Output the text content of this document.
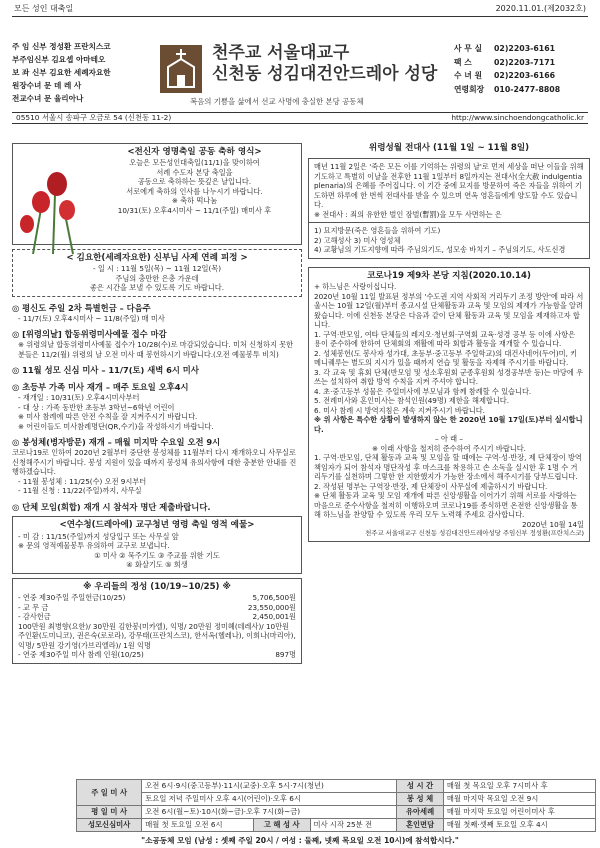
모든 성인 대축일	2020.11.01.(제2032호)
주 임 신부 정성환 프란치스코
부주임신부 김요셉 아마테오
보 좌 신부 김요한 세례자요한
원장수녀 문 데 레 사
전교수녀 문 율리아나
천주교 서울대교구
신천동 성김대건안드레아 성당
복음의 기쁨을 삶에서 선교 사명에 충실한 본당 공동체
사 무 실	02)2203-6161
팩 스	02)2203-7171
수 녀 원	02)2203-6166
연령회장	010-2477-8808
05510 서울시 송파구 오금로 54 (신천동 11-2)	http://www.sinchoendongcatholic.kr
<전신자 영명축일 공동 축하 영식>
오늘은 모든성인대축일(11/1)을 맞이하여
서례 수도자 본당 축일을
공동으로 축하하는 뜻깊은 날입니다.
서로에게 축하의 인사를 나누시기 바랍니다.
※ 축하 떡나눔
10/31(토) 오후4시미사 ~ 11/1(주일) 매미사 후
< 김요한(세례자요한) 신부님 사제 연례 피정 >
- 일 시 : 11월 5일(목) ~ 11월 12일(목)
주님의 충만한 은총 가운데
좋은 시간을 보낼 수 있도록 기도 바랍니다.
◎ 평신도 주일 2차 특별헌금 – 다음주
- 11/7(토) 오후4시미사 ~ 11/8(주일) 매 미사
◎ [위령의날] 합동위령미사예물 접수 마감
※ 위령의날 합동위령미사예물 접수가 10/28(수)로 마감되었습니다. 미처 신청하지 못한 분들은 11/2(월) 위령의 날 오전 미사 때 봉헌하시기 바랍니다.(오전 예물봉투 비치)
◎ 11월 성모 신심 미사 – 11/7(토) 새벽 6시 미사
◎ 초등부 가족 미사 재개 – 매주 토요일 오후4시
- 재개일 : 10/31(토) 오후4시미사부터
- 대 상 : 가족 동반한 초등부 3학년~6학년 어린이
※ 미사 참례에 따른 안전 수칙을 잘 지켜주시기 바랍니다.
※ 어린이들도 미사참례명단(QR,수기)을 작성하시기 바랍니다.
◎ 봉성체(병자방문) 재개 – 매월 미지막 수요일 오전 9시
코로나19로 인하여 2020년 2월부터 중단한 봉성체를 11월부터 다시 재개하오니 사무실로 신청해주시기 바랍니다. 봉성 지원이 있을 때까지 봉성체 유의사항에 대한 충분한 안내를 진행하겠습니다.
- 11월 봉성체 : 11/25(수) 오전 9시부터
- 11월 신청 : 11/22(주일)까지, 사무실
◎ 단체 모임(회합) 재개 시 참석자 명단 제출바랍니다.
<연수청(드레아에) 교구청년 영령 축일 영적 예물>
- 미 감 : 11/15(주일)까지 성당입구 또는 사무실 앞
※ 문의 영적예물봉투 유의하여 교구로 보냅니다.
① 미사 ② 묵주기도 ③ 주교를 위한 기도
④ 화살기도 ⑤ 희생
※ 우리들의 정성 (10/19~10/25) ※
- 연중 제30주일 주일헌금(10/25)	5,706,500원
- 교 무 금	23,550,000원
- 감사헌금	2,450,001원
100만원 최병향(요한)/ 30만원 김한봉(미카엘), 익명/ 20만원 정미혜(데레사)/ 10만원 주인환(도미니코), 권은숙(로로라), 강무태(프란치스코), 한서옥(헬레나), 이희나(마리아), 익명/ 5만원 강기영(가브리엘라)/ 1원 익명
- 연중 제30주일 미사 참례 인원(10/25)	897명
위령성월 전대사 (11월 1일 ~ 11월 8일)
매년 11월 2일은 '죽은 모든 이를 기억하는 위령의 날'로 먼저 세상을 떠난 이들을 위해 기도하고 특별히 이날을 전후한 11월 1일부터 8일까지는 전대사(全大赦 indulgentia plenaria)의 은혜를 주어집니다. 이 기간 중에 묘지를 방문하여 죽은 자들을 위하여 기도하면 하루에 한 번씩 전대사를 받을 수 있으며 연옥 영혼들에게 양도할 수도 있습니다.
※ 전대사 : 죄의 유한한 벌인 잠벌(暫罰)을 모두 사면하는 은
1) 묘지방문(죽은 영혼들을 위하여 기도)
2) 고해성사 3) 미사 영성체
4) 교황님의 기도지향에 따라 주님의기도, 성모송 바치기 – 주님의기도, 사도신경
코로나19 제9차 본당 지침(2020.10.14)
+ 하느님은 사랑이십니다.
2020년 10월 11일 발표된 정부의 '수도권 지역 사회적 거리두기 조정 방안'에 따라 서울시는 10월 12일(월)부터 종교시설 단체활동과 교육 및 모임의 제재가 가능함을 알려왔습니다. 이에 신천동 본당은 다음과 같이 단체 활동과 교육 및 모임을 제재하고자 합니다.
1. 구역·반모임, 여타 단체들의 레지오·청년회·구역회 교육·성경 공부 등 이에 사항은 용이 준수하에 한하여 단체회의 재활에 따라 회합과 활동을 재개할 수 있습니다.
2. 성체봉헌(도 봉사자 성가대, 초등부·중고등부 주일학교)의 대건사네어(두어)미, 키메니퀘루는 별도의 지시가 있을 때까지 연습 및 활동을 자제해 주시기를 바랍니다.
3. 각 교육 및 휴회 단체(반모임 및 성소후원회 군종후원회 성경공부반 등)는 마당에 우쓰는 설치하여 취합 방역 수칙을 지켜 주셔야 합니다.
4. 초·중고등부 성물은 주일미사에 부모님과 함께 참례할 수 있습니다.
5. 전례미사와 혼인미사는 참석인원(49명) 제한을 해제합니다.
6. 미사 참례 시 방역지침은 계속 지켜주시기 바랍니다.
※ 위 사항은 특수한 상황이 발생하지 않는 한 2020년 10월 17일(토)부터 실시합니다.
– 아 래 –
※ 이래 사항을 철저히 준수하여 주시기 바랍니다.
1. 구역·반모임, 단체 활동과 교육 및 모임을 할 때에는 구역·성·반장, 제 단체장이 방역책임자가 되어 참석자 명단작성 후 마스크를 착용하고 손 소독을 실시한 후 1명 수 거리두기를 실천하며 그렇한 한 지한했지가 가능한 장소에서 해주시기를 당부드립니다.
2. 작성된 명부는 구역장·반장, 제 단체장이 사무실에 제출하시기 바랍니다.
※ 단체 활동과 교육 및 모임 재개에 따른 신앙생활을 이어가기 위해 서로를 사랑하는 마음으로 준수사항을 철저히 이행하오며 코로나19를 종식하면 온전한 신앙생활을 통해 하느님을 찬양할 수 있도록 우리 모두 노력해 주세요 감사합니다.
2020년 10월 14일
천주교 서울대교구 신천동 성김대건안드레아성당 주임신부 정성환(프란치스코)
주 일 미 사	오전 6시·9시(중고등부)·11시(교중)·오후 5시·7시(청년)			성 시 간	매월 첫 목요일 오후 7시미사 후
	토요일 저녁 주일미사 오후 4시(어린이)·오후 6시			봉 성 체	매월 마지막 목요일 오전 9시
평 일 미 사	오전 6시(월~토)·10시(화~금)·오후 7시(화~금)			유아세례	매월 마지막 토요일 어린이미사 후
성모신심미사	매월 첫 토요일 오전 6시	고 해 성 사	미사 시작 25분 전	혼인면담	매월 첫째·셋째 토요일 오후 4시
"소공동체 모임 (남성 : 셋째 주일 20시 / 여성 : 둘째, 넷째 목요일 오전 10시)에 참석합시다."
